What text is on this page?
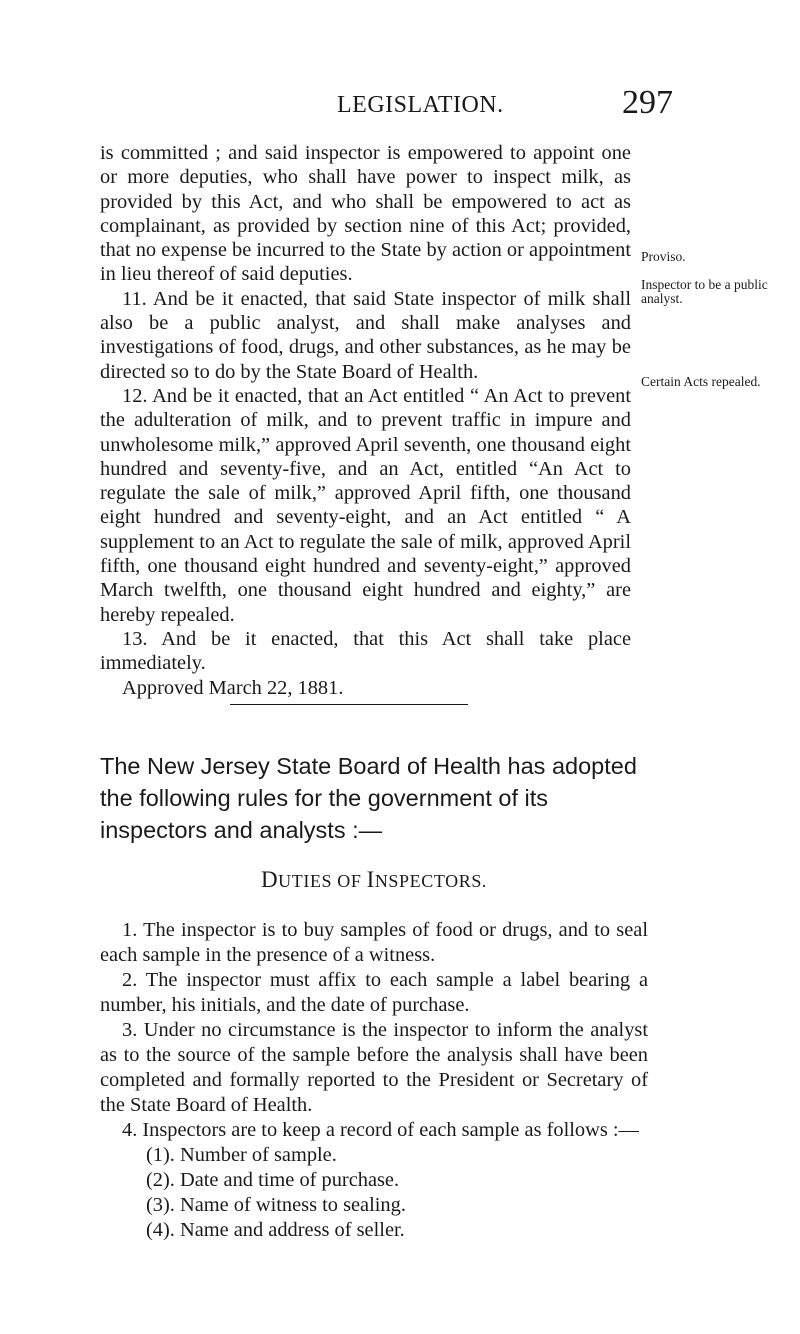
LEGISLATION.	297

is committed ; and said inspector is empowered to appoint one or more deputies, who shall have power to inspect milk, as provided by this Act, and who shall be empowered to act as complainant, as provided by section nine of this Act; provided, that no expense be incurred to the State by action or appointment in lieu thereof of said deputies.

11. And be it enacted, that said State inspector of milk shall also be a public analyst, and shall make analyses and investigations of food, drugs, and other substances, as he may be directed so to do by the State Board of Health.

12. And be it enacted, that an Act entitled “ An Act to prevent the adulteration of milk, and to prevent traffic in impure and unwholesome milk,” approved April seventh, one thousand eight hundred and seventy-five, and an Act, entitled “An Act to regulate the sale of milk,” approved April fifth, one thousand eight hundred and seventy-eight, and an Act entitled “ A supplement to an Act to regulate the sale of milk, approved April fifth, one thousand eight hundred and seventy-eight,” approved March twelfth, one thousand eight hundred and eighty,” are hereby repealed.

13. And be it enacted, that this Act shall take place immediately.

Approved March 22, 1881.

Proviso.
Inspector to be a public analyst.
Certain Acts repealed.

The New Jersey State Board of Health has adopted the following rules for the government of its inspectors and analysts :—

DUTIES OF INSPECTORS.

1. The inspector is to buy samples of food or drugs, and to seal each sample in the presence of a witness.

2. The inspector must affix to each sample a label bearing a number, his initials, and the date of purchase.

3. Under no circumstance is the inspector to inform the analyst as to the source of the sample before the analysis shall have been completed and formally reported to the President or Secretary of the State Board of Health.

4. Inspectors are to keep a record of each sample as follows :—

(1). Number of sample.

(2). Date and time of purchase.

(3). Name of witness to sealing.

(4). Name and address of seller.
